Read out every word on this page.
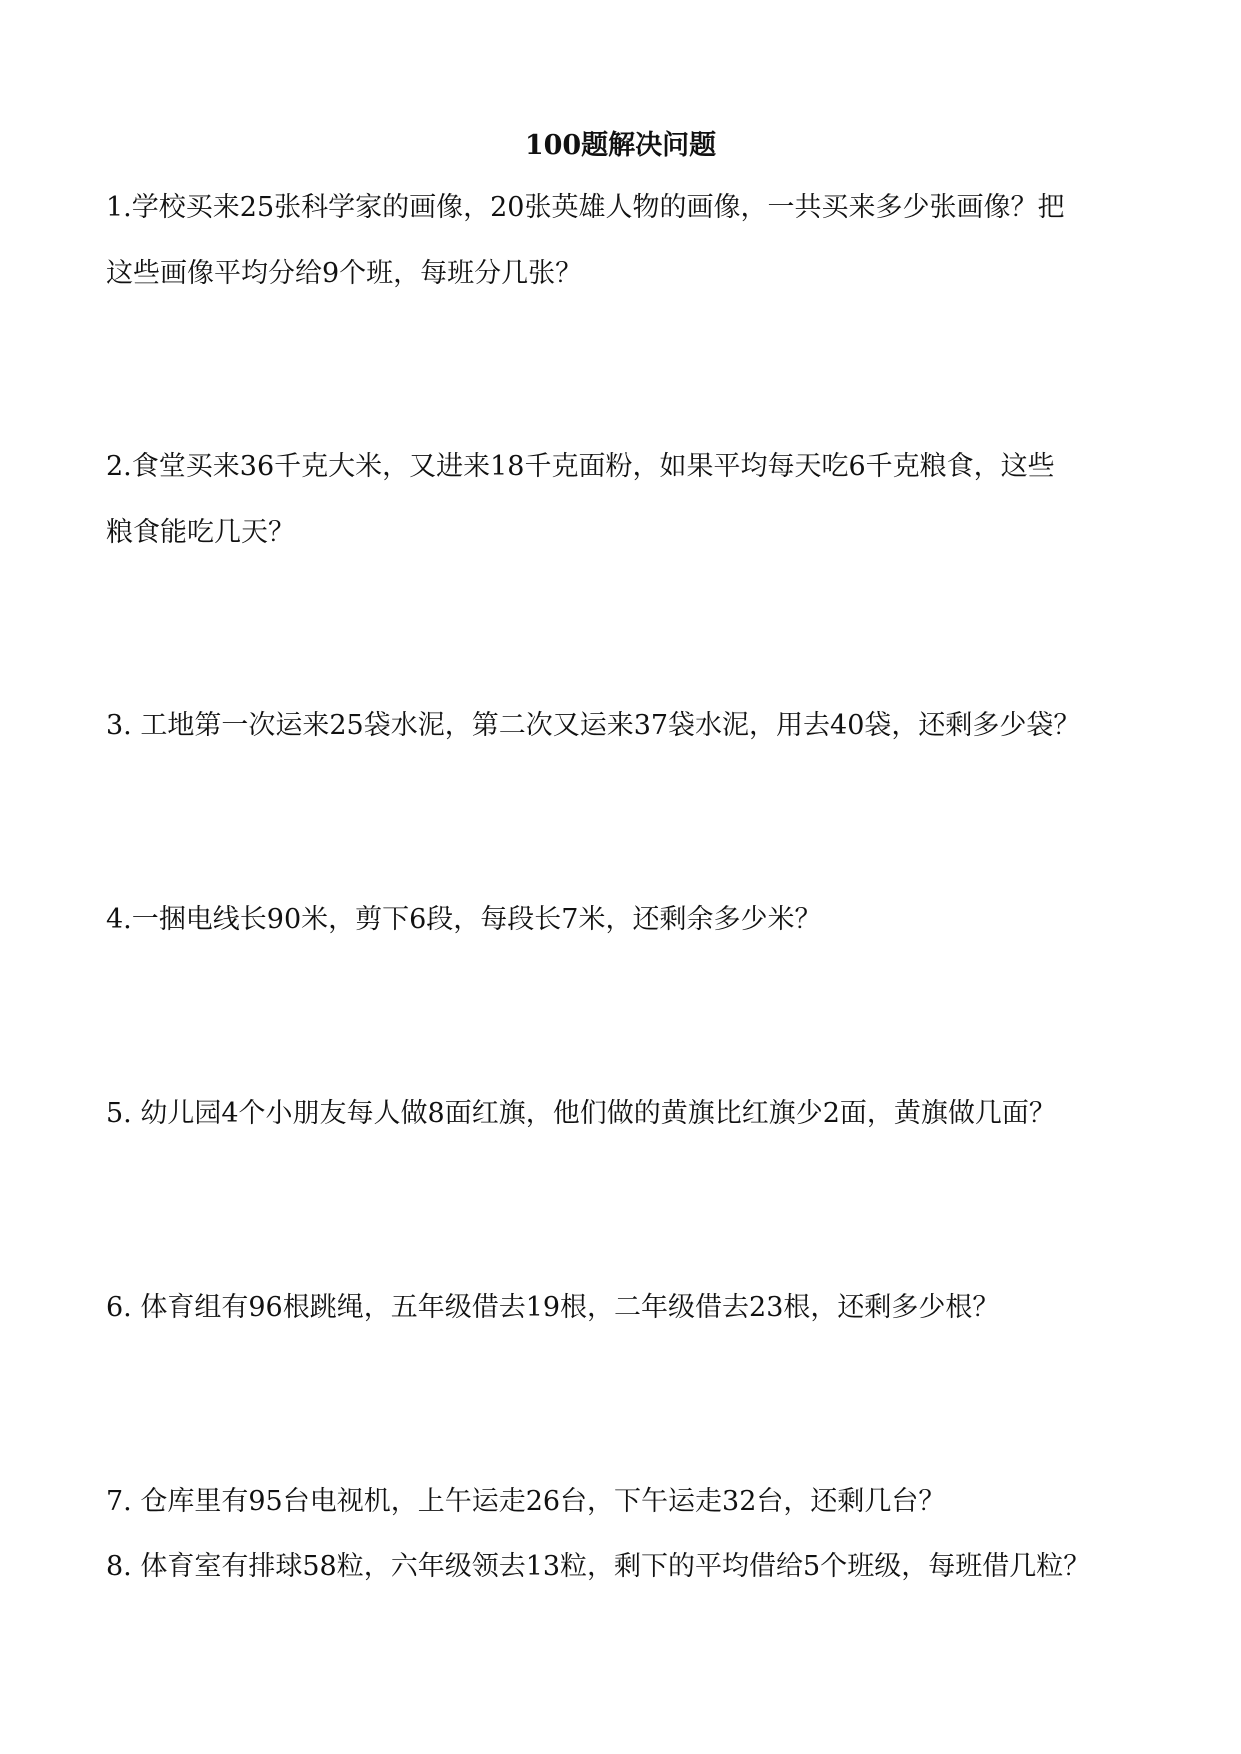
100题解决问题
1.学校买来25张科学家的画像，20张英雄人物的画像，一共买来多少张画像？把
这些画像平均分给9个班，每班分几张？
2.食堂买来36千克大米，又进来18千克面粉，如果平均每天吃6千克粮食，这些
粮食能吃几天？
3. 工地第一次运来25袋水泥，第二次又运来37袋水泥，用去40袋，还剩多少袋？
4.一捆电线长90米，剪下6段，每段长7米，还剩余多少米？
5. 幼儿园4个小朋友每人做8面红旗，他们做的黄旗比红旗少2面，黄旗做几面？
6. 体育组有96根跳绳，五年级借去19根，二年级借去23根，还剩多少根？
7. 仓库里有95台电视机，上午运走26台，下午运走32台，还剩几台？
8. 体育室有排球58粒，六年级领去13粒，剩下的平均借给5个班级，每班借几粒？
